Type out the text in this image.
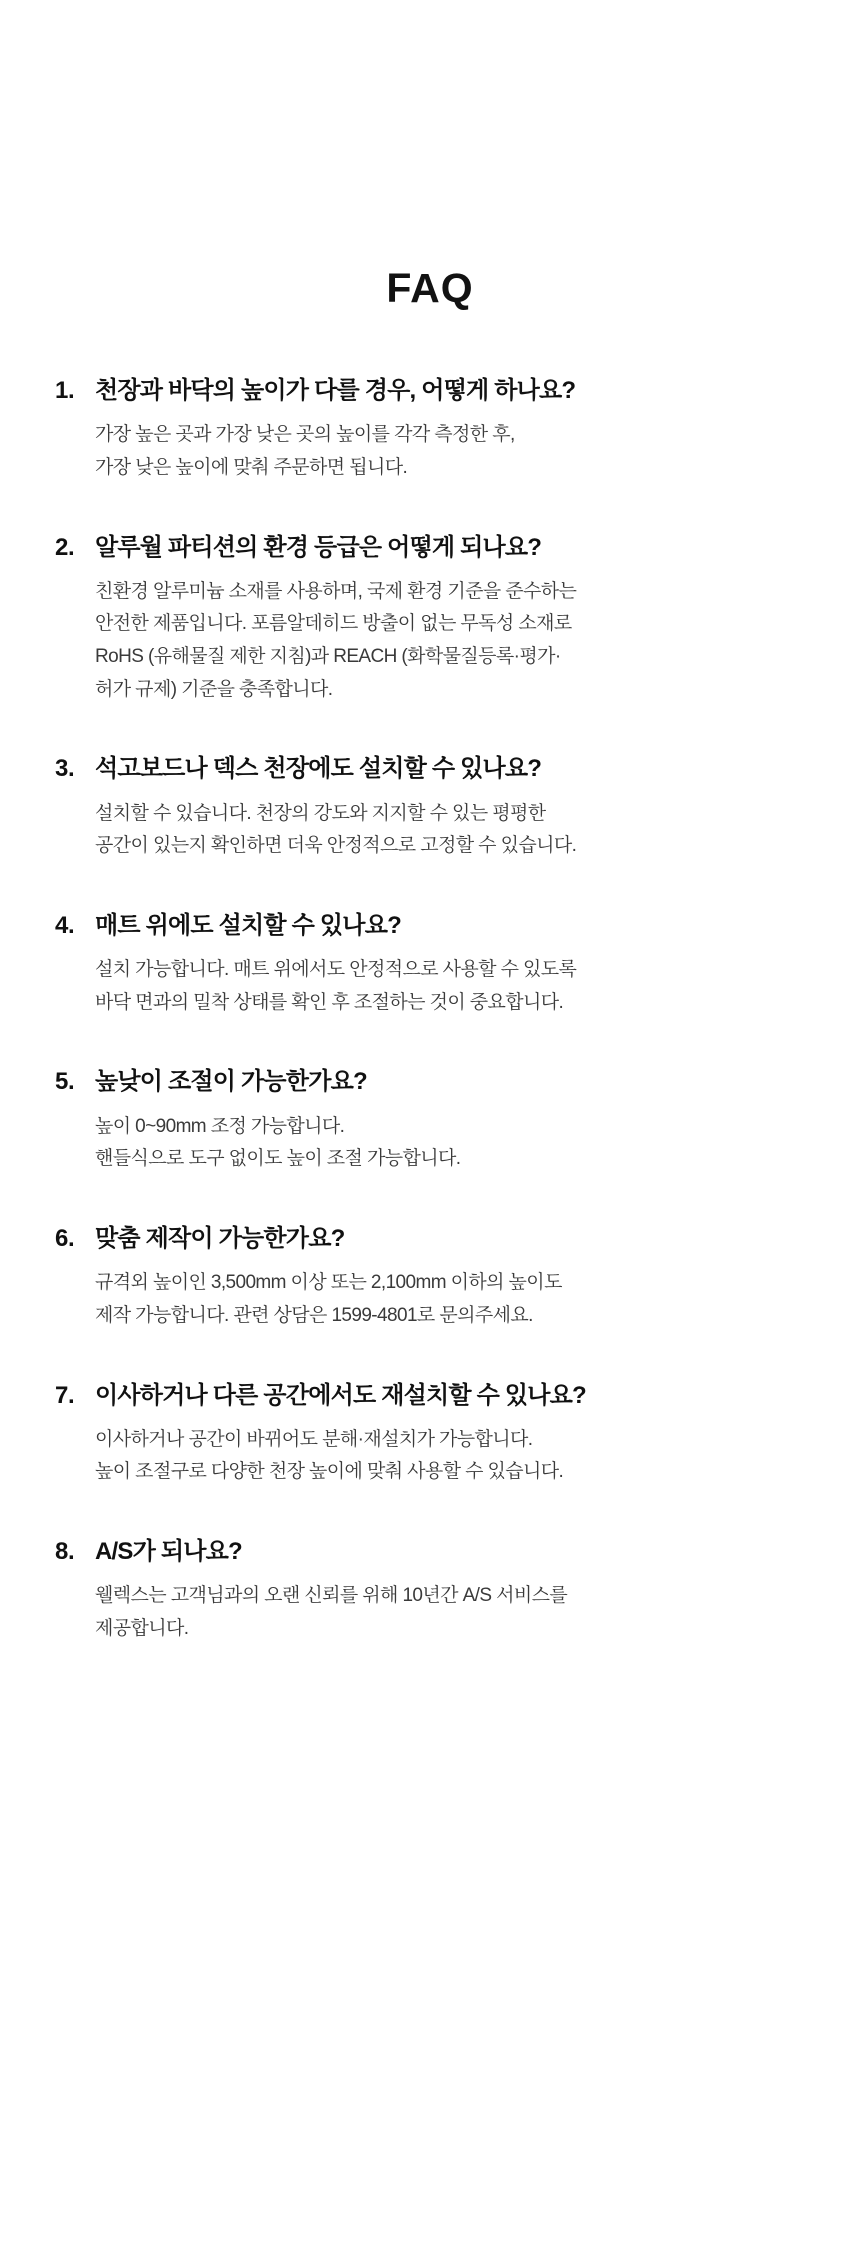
FAQ
1. 천장과 바닥의 높이가 다를 경우, 어떻게 하나요?
가장 높은 곳과 가장 낮은 곳의 높이를 각각 측정한 후,
가장 낮은 높이에 맞춰 주문하면 됩니다.
2. 알루월 파티션의 환경 등급은 어떻게 되나요?
친환경 알루미늄 소재를 사용하며, 국제 환경 기준을 준수하는
안전한 제품입니다. 포름알데히드 방출이 없는 무독성 소재로
RoHS (유해물질 제한 지침)과 REACH (화학물질등록·평가·
허가 규제) 기준을 충족합니다.
3. 석고보드나 덱스 천장에도 설치할 수 있나요?
설치할 수 있습니다. 천장의 강도와 지지할 수 있는 평평한
공간이 있는지 확인하면 더욱 안정적으로 고정할 수 있습니다.
4. 매트 위에도 설치할 수 있나요?
설치 가능합니다. 매트 위에서도 안정적으로 사용할 수 있도록
바닥 면과의 밀착 상태를 확인 후 조절하는 것이 중요합니다.
5. 높낮이 조절이 가능한가요?
높이 0~90mm 조정 가능합니다.
핸들식으로 도구 없이도 높이 조절 가능합니다.
6. 맞춤 제작이 가능한가요?
규격외 높이인 3,500mm 이상 또는 2,100mm 이하의 높이도
제작 가능합니다. 관련 상담은 1599-4801로 문의주세요.
7. 이사하거나 다른 공간에서도 재설치할 수 있나요?
이사하거나 공간이 바뀌어도 분해·재설치가 가능합니다.
높이 조절구로 다양한 천장 높이에 맞춰 사용할 수 있습니다.
8. A/S가 되나요?
웰렉스는 고객님과의 오랜 신뢰를 위해 10년간 A/S 서비스를
제공합니다.
